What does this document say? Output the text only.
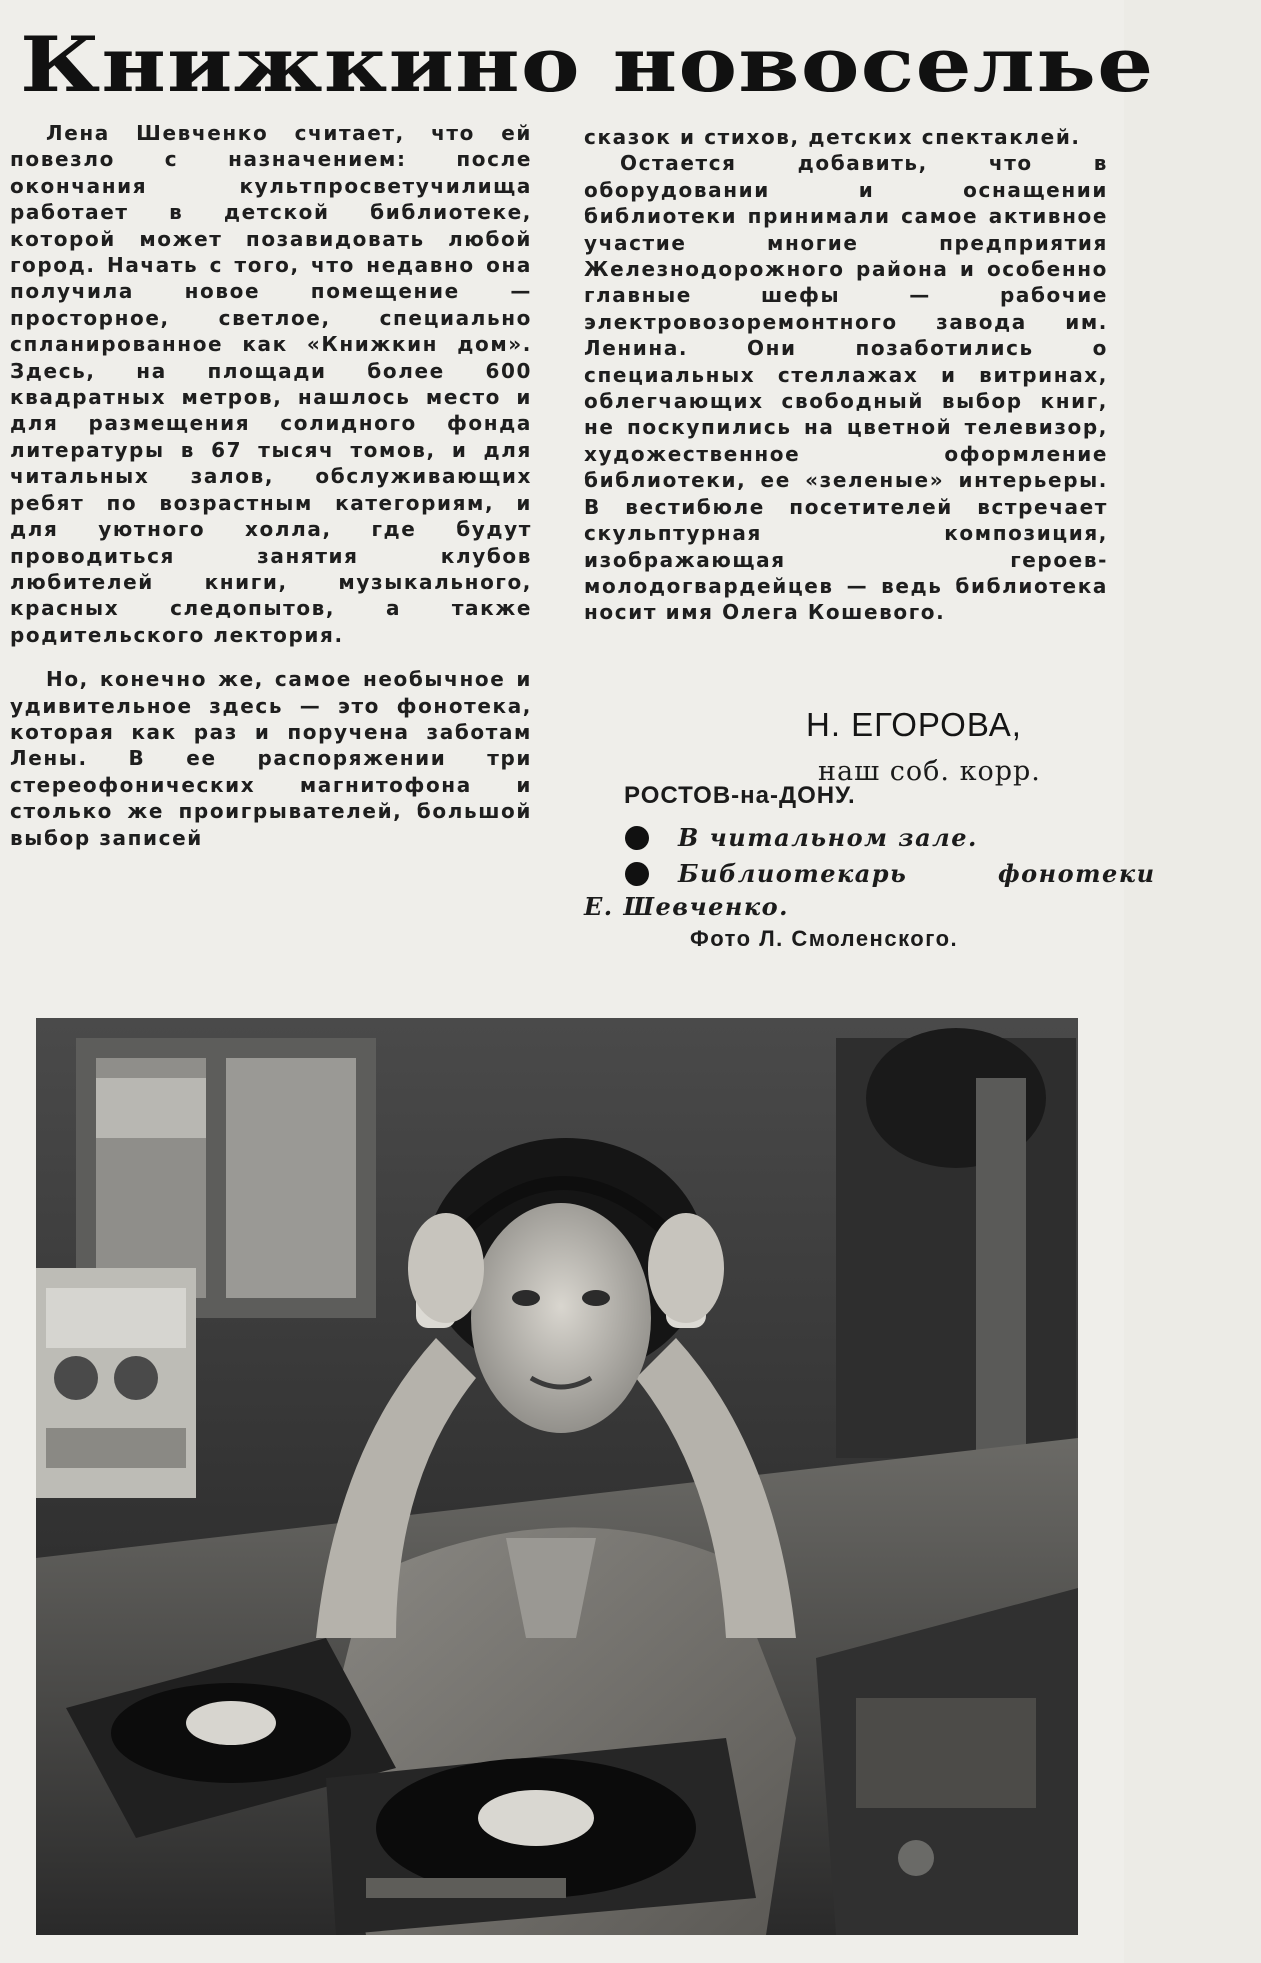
Книжкино новоселье

Лена Шевченко считает, что ей повезло с назначением: после окончания культпросветучилища работает в детской библиотеке, которой может позавидовать любой город. Начать с того, что недавно она получила новое помещение — просторное, светлое, специально спланированное как «Книжкин дом». Здесь, на площади более 600 квадратных метров, нашлось место и для размещения солидного фонда литературы в 67 тысяч томов, и для читальных залов, обслуживающих ребят по возрастным категориям, и для уютного холла, где будут проводиться занятия клубов любителей книги, музыкального, красных следопытов, а также родительского лектория.

Но, конечно же, самое необычное и удивительное здесь — это фонотека, которая как раз и поручена заботам Лены. В ее распоряжении три стереофонических магнитофона и столько же проигрывателей, большой выбор записей

сказок и стихов, детских спектаклей.

Остается добавить, что в оборудовании и оснащении библиотеки принимали самое активное участие многие предприятия Железнодорожного района и особенно главные шефы — рабочие электровозоремонтного завода им. Ленина. Они позаботились о специальных стеллажах и витринах, облегчающих свободный выбор книг, не поскупились на цветной телевизор, художественное оформление библиотеки, ее «зеленые» интерьеры. В вестибюле посетителей встречает скульптурная композиция, изображающая героев-молодогвардейцев — ведь библиотека носит имя Олега Кошевого.

Н. ЕГОРОВА,
наш соб. корр.
РОСТОВ-на-ДОНУ.
В читальном зале.
Библиотекарь	фонотеки
Е. Шевченко.
Фото Л. Смоленского.
